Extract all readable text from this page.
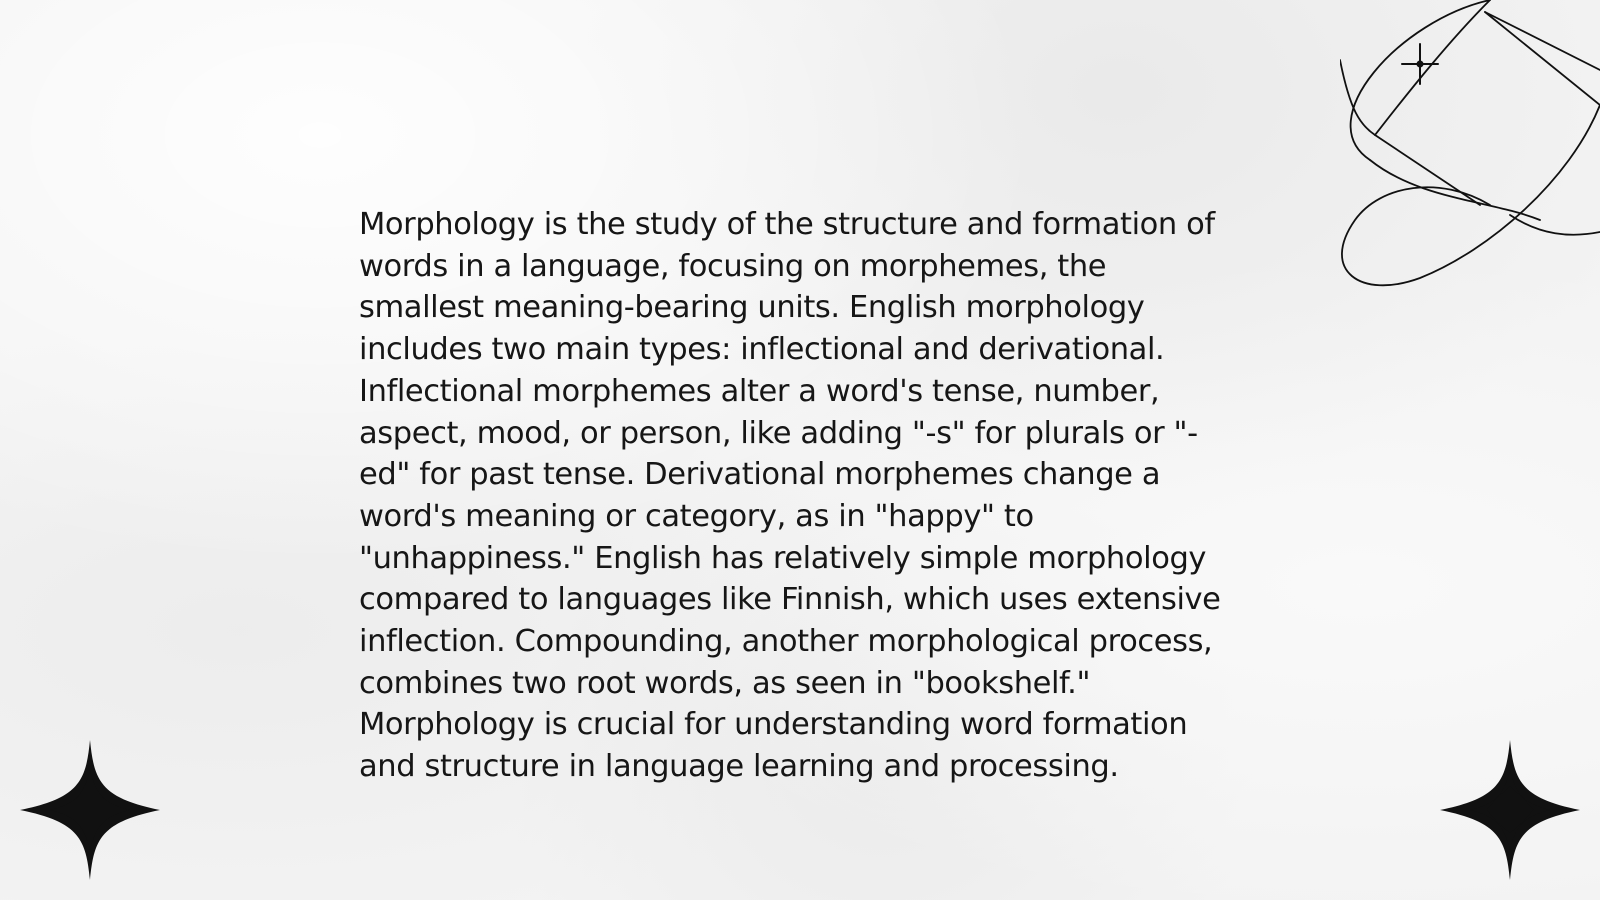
Morphology is the study of the structure and formation of words in a language, focusing on morphemes, the smallest meaning-bearing units. English morphology includes two main types: inflectional and derivational. Inflectional morphemes alter a word's tense, number, aspect, mood, or person, like adding "-s" for plurals or "-ed" for past tense. Derivational morphemes change a word's meaning or category, as in "happy" to "unhappiness." English has relatively simple morphology compared to languages like Finnish, which uses extensive inflection. Compounding, another morphological process, combines two root words, as seen in "bookshelf." Morphology is crucial for understanding word formation and structure in language learning and processing.
